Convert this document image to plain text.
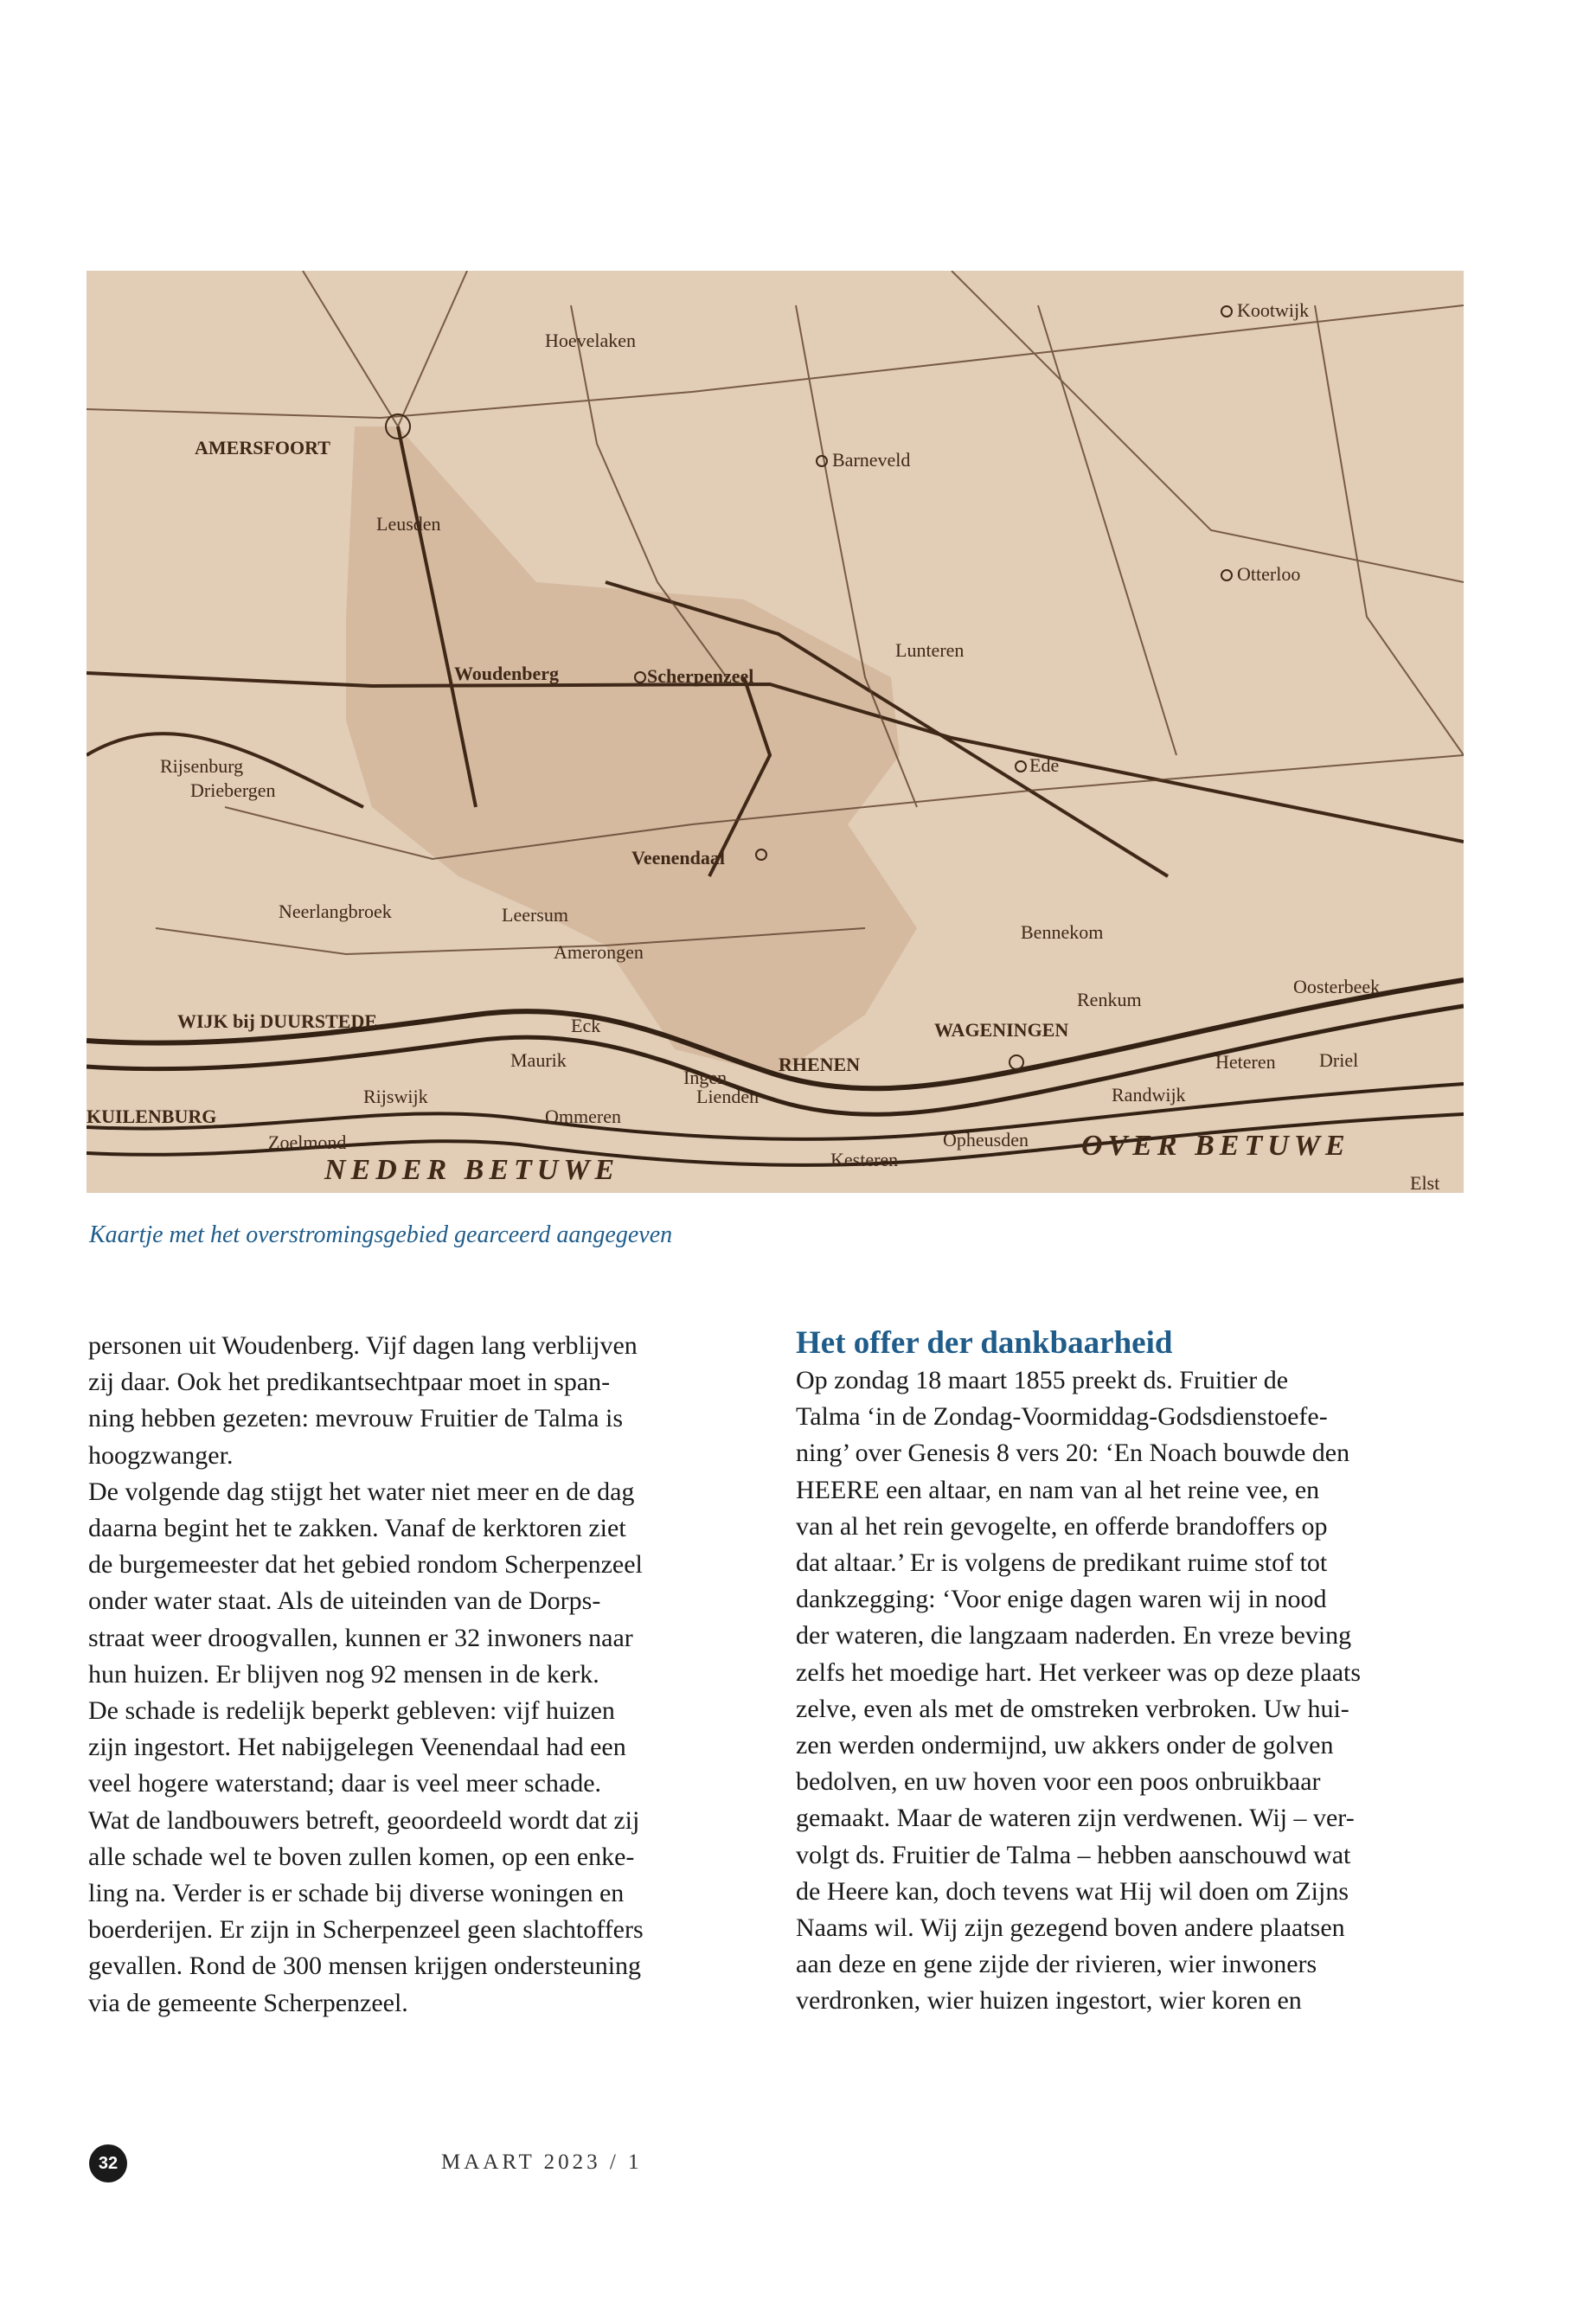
Hoevelaken
AMERSFOORT
Barneveld
Kootwijk
Leusden
Otterloo
Woudenberg	Scherpenzeel
Lunteren
Ede
Rijsenburg
Driebergen
Veenendaal
Neerlangbroek	Leersum
Amerongen
Bennekom
Renkum
Oosterbeek
WIJK bij DUURSTEDE	WAGENINGEN
RHENEN
Maurik
Ingen
Lienden
Eck
Rijswijk
Ommeren
KUILENBURG
Randwijk
Driel
Heteren
Opheusden
Kesteren
Zoelmond
Elst
NEDER BETUWE
OVER BETUWE
Kaartje met het overstromingsgebied gearceerd aangegeven
personen uit Woudenberg. Vijf dagen lang verblijven
zij daar. Ook het predikantsechtpaar moet in span-
ning hebben gezeten: mevrouw Fruitier de Talma is
hoogzwanger.
De volgende dag stijgt het water niet meer en de dag
daarna begint het te zakken. Vanaf de kerktoren ziet
de burgemeester dat het gebied rondom Scherpenzeel
onder water staat. Als de uiteinden van de Dorps-
straat weer droogvallen, kunnen er 32 inwoners naar
hun huizen. Er blijven nog 92 mensen in de kerk.
De schade is redelijk beperkt gebleven: vijf huizen
zijn ingestort. Het nabijgelegen Veenendaal had een
veel hogere waterstand; daar is veel meer schade.
Wat de landbouwers betreft, geoordeeld wordt dat zij
alle schade wel te boven zullen komen, op een enke-
ling na. Verder is er schade bij diverse woningen en
boerderijen. Er zijn in Scherpenzeel geen slachtoffers
gevallen. Rond de 300 mensen krijgen ondersteuning
via de gemeente Scherpenzeel.
Het offer der dankbaarheid
Op zondag 18 maart 1855 preekt ds. Fruitier de
Talma ‘in de Zondag-Voormiddag-Godsdienstoefe-
ning’ over Genesis 8 vers 20: ‘En Noach bouwde den
HEERE een altaar, en nam van al het reine vee, en
van al het rein gevogelte, en offerde brandoffers op
dat altaar.’ Er is volgens de predikant ruime stof tot
dankzegging: ‘Voor enige dagen waren wij in nood
der wateren, die langzaam naderden. En vreze beving
zelfs het moedige hart. Het verkeer was op deze plaats
zelve, even als met de omstreken verbroken. Uw hui-
zen werden ondermijnd, uw akkers onder de golven
bedolven, en uw hoven voor een poos onbruikbaar
gemaakt. Maar de wateren zijn verdwenen. Wij – ver-
volgt ds. Fruitier de Talma – hebben aanschouwd wat
de Heere kan, doch tevens wat Hij wil doen om Zijns
Naams wil. Wij zijn gezegend boven andere plaatsen
aan deze en gene zijde der rivieren, wier inwoners
verdronken, wier huizen ingestort, wier koren en
32	MAART 2023 / 1
